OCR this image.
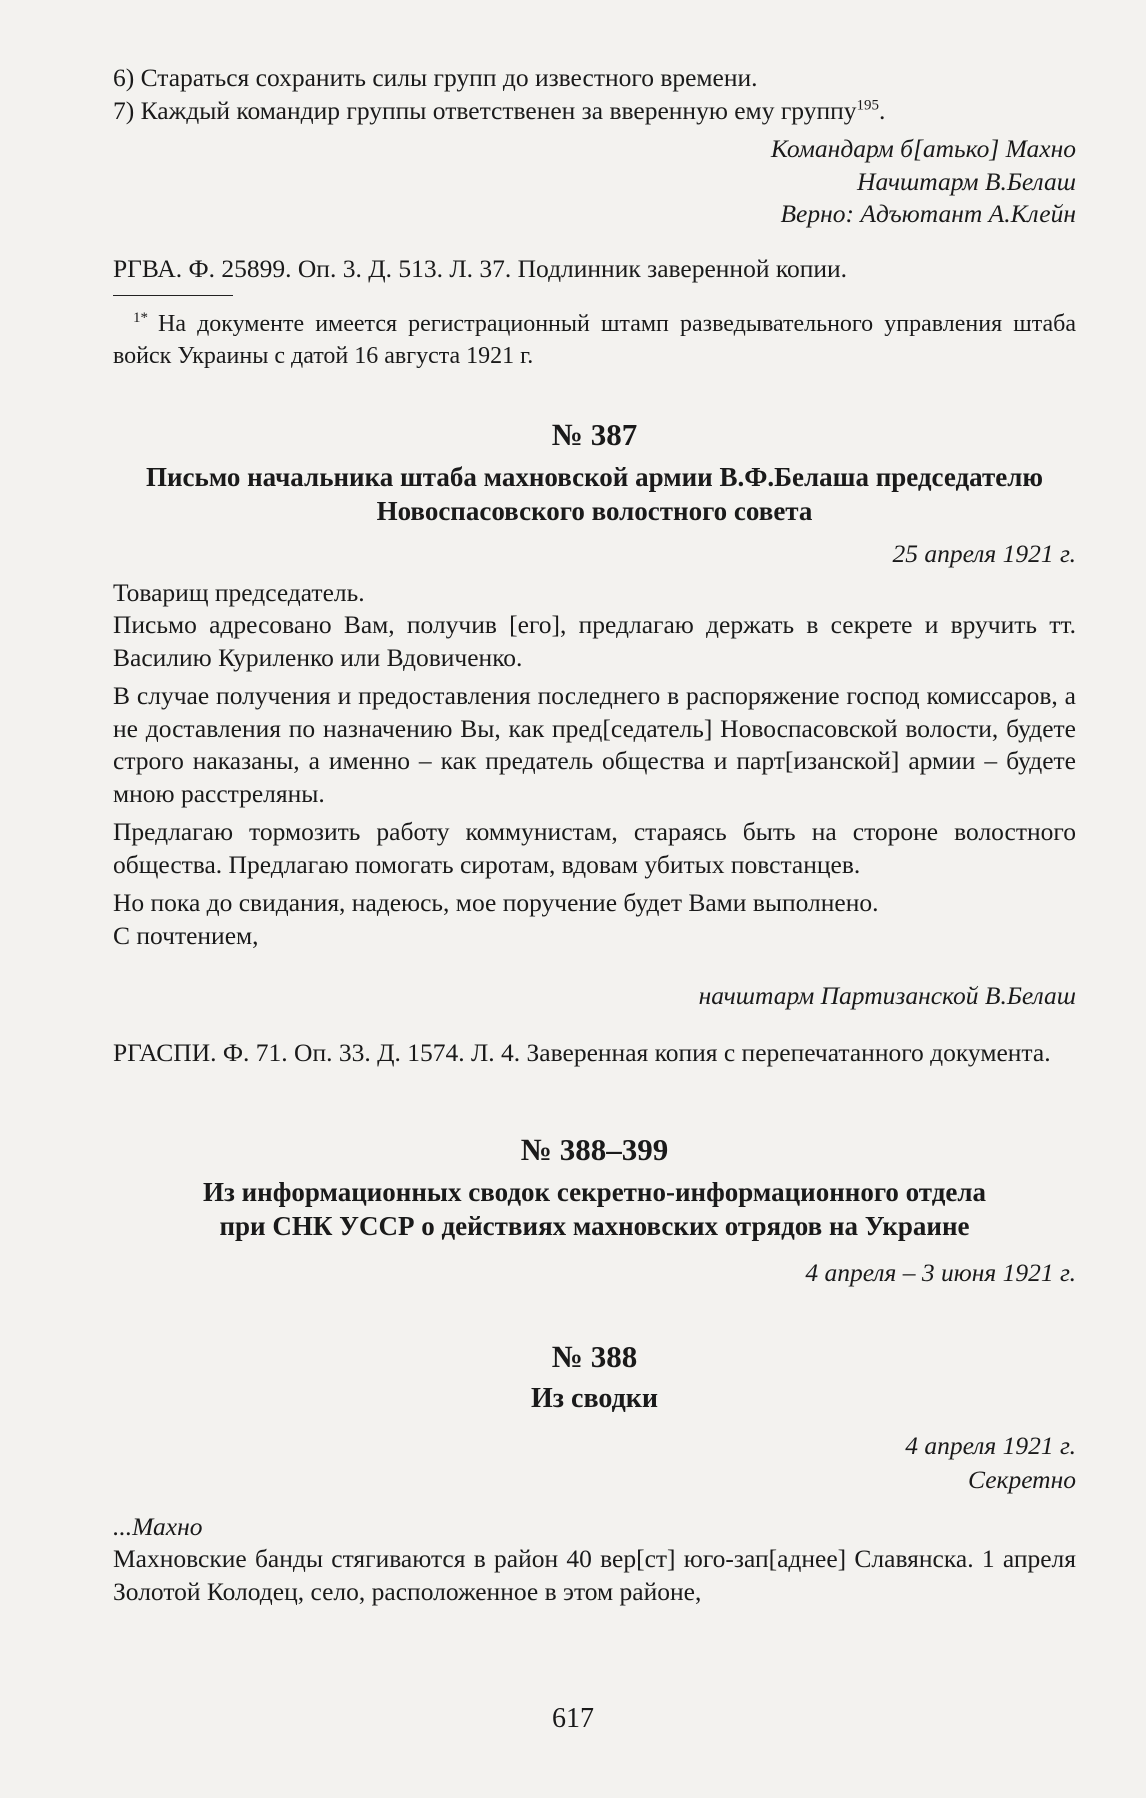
6) Стараться сохранить силы групп до известного времени.

7) Каждый командир группы ответственен за вверенную ему группу$^{195}$.

Командарм б[атько] Махно

Начштарм В.Белаш

Верно: Адъютант А.Клейн

РГВА. Ф. 25899. Оп. 3. Д. 513. Л. 37. Подлинник заверенной копии.

$^{1*}$ На документе имеется регистрационный штамп разведывательного управления штаба войск Украины с датой 16 августа 1921 г.

№ 387

Письмо начальника штаба махновской армии В.Ф.Белаша председателю

Новоспасовского волостного совета

25 апреля 1921 г.

Товарищ председатель.

Письмо адресовано Вам, получив [его], предлагаю держать в секрете и вручить тт. Василию Куриленко или Вдовиченко.

В случае получения и предоставления последнего в распоряжение господ комиссаров, а не доставления по назначению Вы, как пред[седатель] Новоспасовской волости, будете строго наказаны, а именно – как предатель общества и парт[изанской] армии – будете мною расстреляны.

Предлагаю тормозить работу коммунистам, стараясь быть на стороне волостного общества. Предлагаю помогать сиротам, вдовам убитых повстанцев.

Но пока до свидания, надеюсь, мое поручение будет Вами выполнено.

С почтением,

начштарм Партизанской В.Белаш

РГАСПИ. Ф. 71. Оп. 33. Д. 1574. Л. 4. Заверенная копия с перепечатанного документа.

№ 388–399

Из информационных сводок секретно-информационного отдела

при СНК УССР о действиях махновских отрядов на Украине

4 апреля – 3 июня 1921 г.

№ 388

Из сводки

4 апреля 1921 г.

Секретно

...Махно

Махновские банды стягиваются в район 40 вер[ст] юго-зап[аднее] Славянска. 1 апреля Золотой Колодец, село, расположенное в этом районе,

617
